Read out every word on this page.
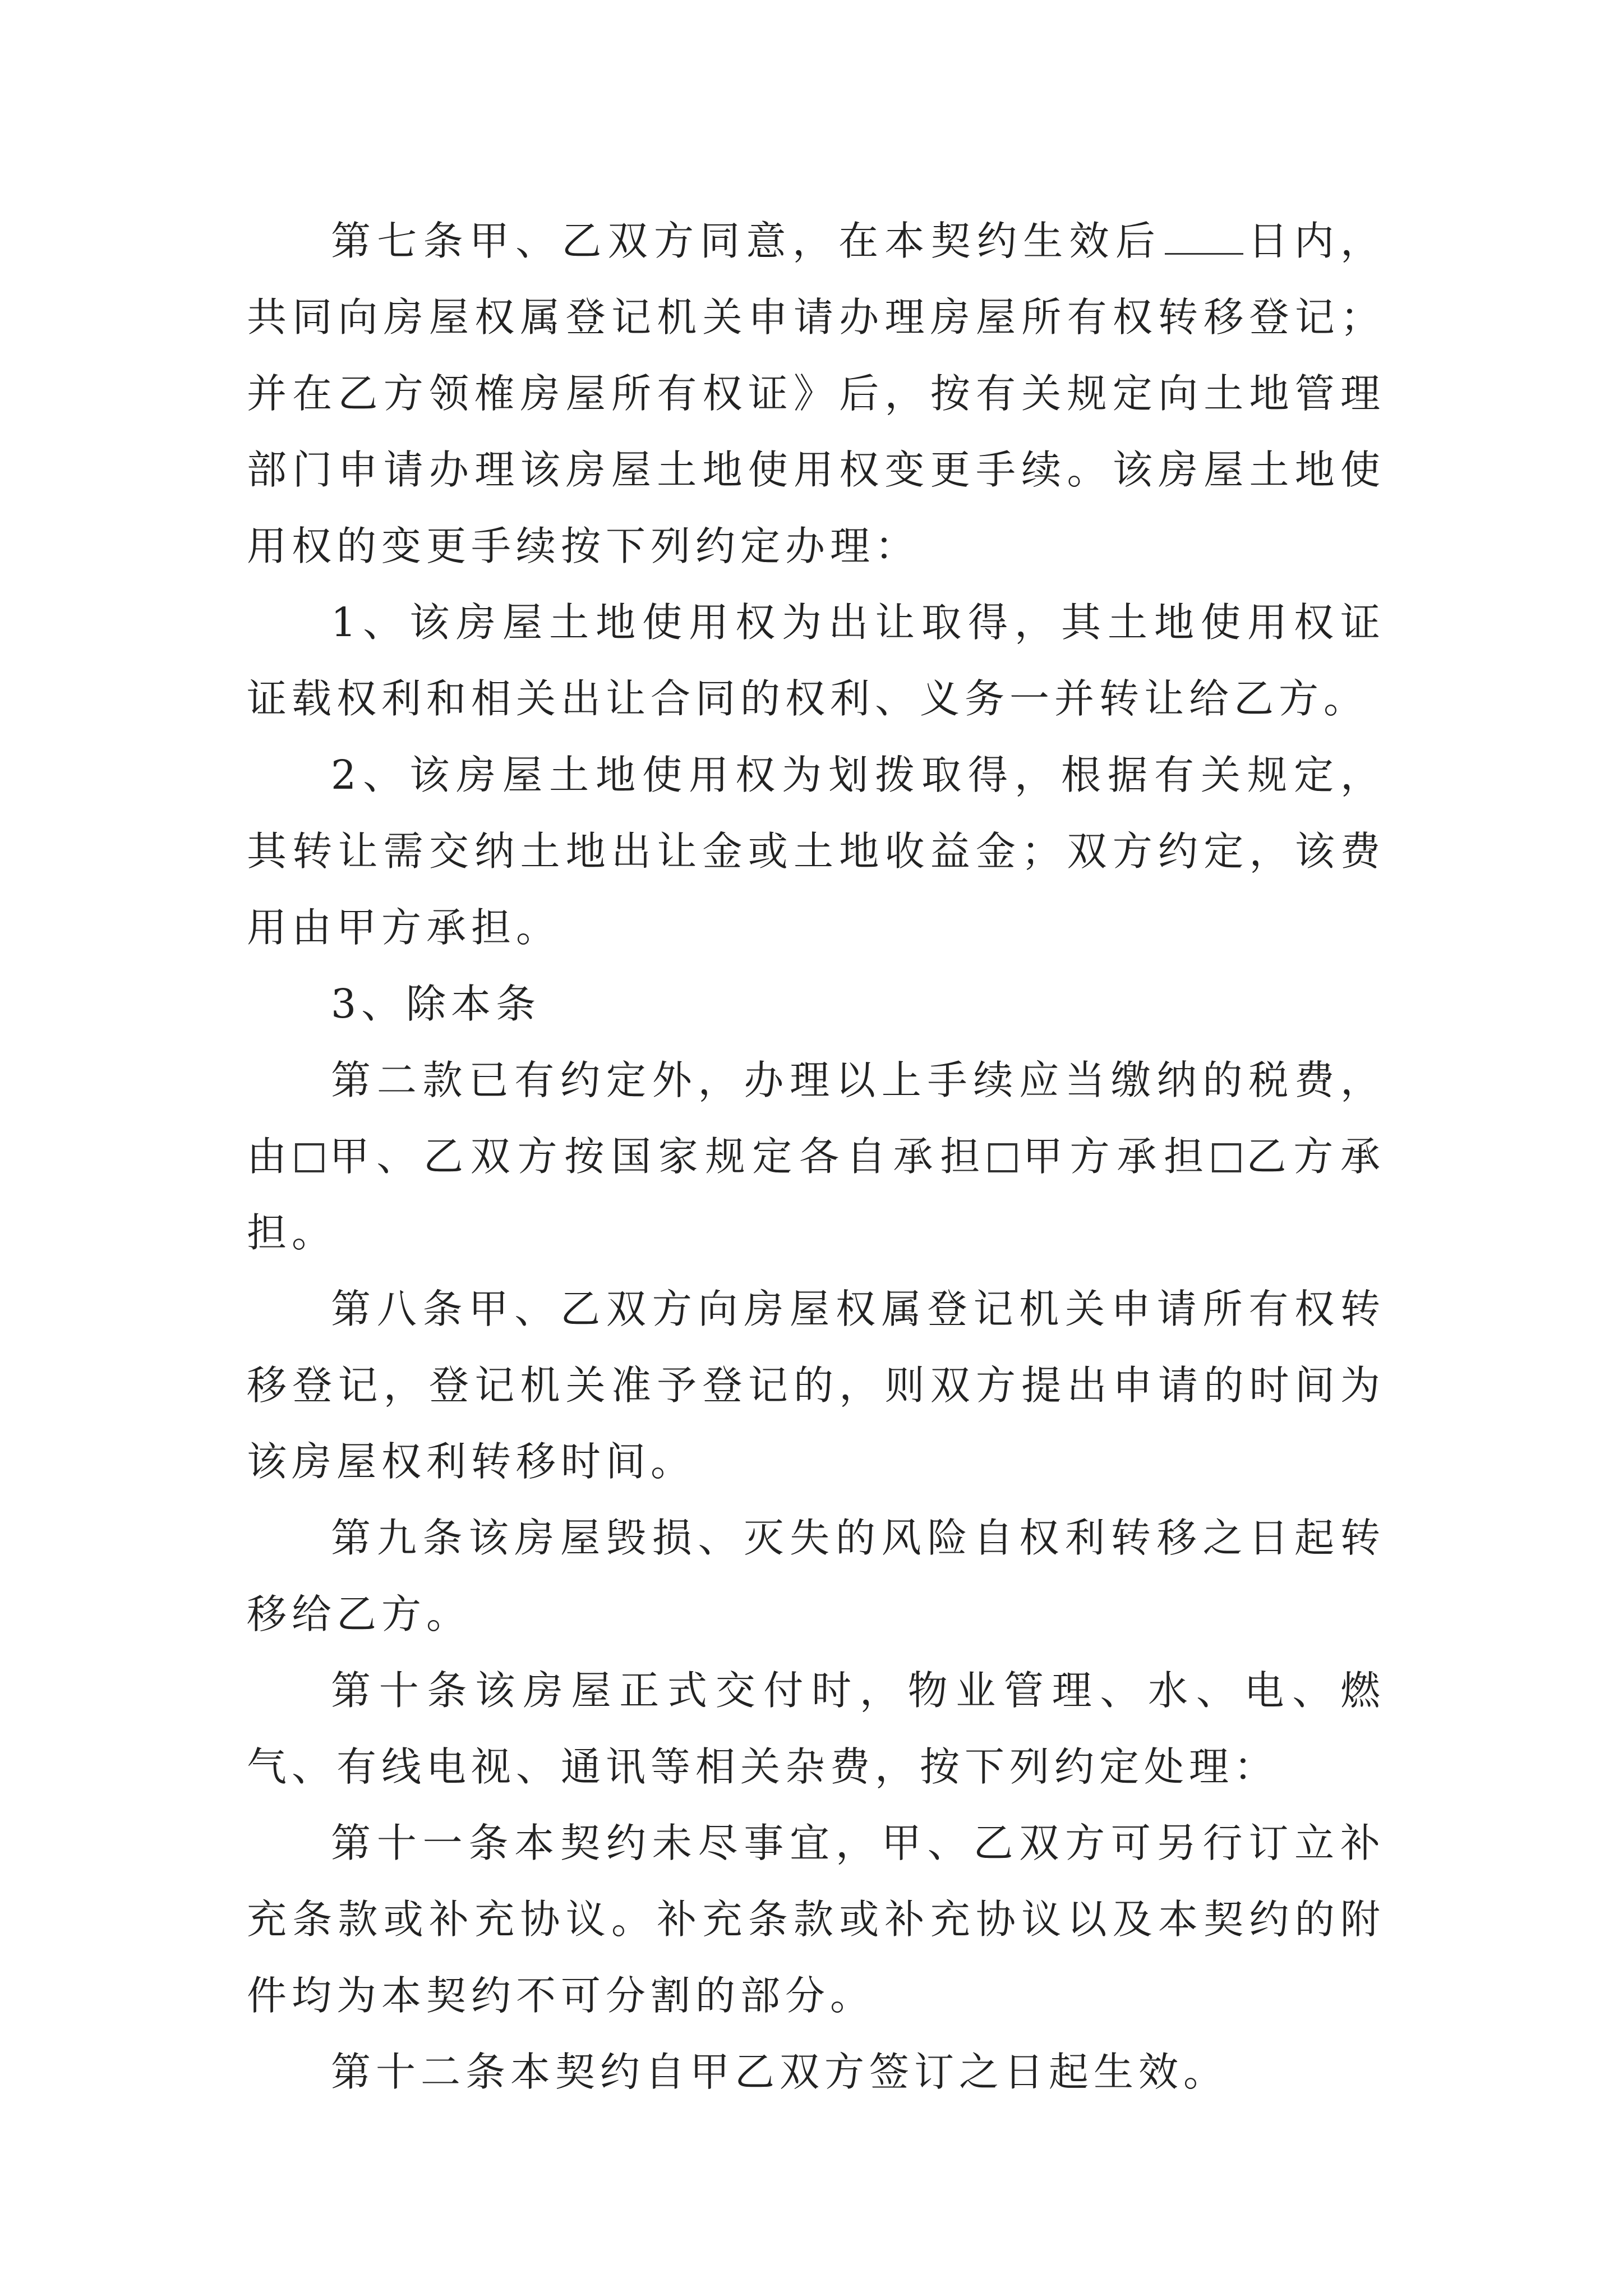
第七条甲、乙双方同意，在本契约生效后 日内，共同向房屋权属登记机关申请办理房屋所有权转移登记；并在乙方领榷房屋所有权证》后，按有关规定向土地管理部门申请办理该房屋土地使用权变更手续。该房屋土地使用权的变更手续按下列约定办理：

1、该房屋土地使用权为出让取得，其土地使用权证证载权利和相关出让合同的权利、义务一并转让给乙方。

2、该房屋土地使用权为划拨取得，根据有关规定，其转让需交纳土地出让金或土地收益金；双方约定，该费用由甲方承担。

3、除本条

第二款已有约定外，办理以上手续应当缴纳的税费，由 甲、乙双方按国家规定各自承担 甲方承担 乙方承担。

第八条甲、乙双方向房屋权属登记机关申请所有权转移登记，登记机关准予登记的，则双方提出申请的时间为该房屋权利转移时间。

第九条该房屋毁损、灭失的风险自权利转移之日起转移给乙方。

第十条该房屋正式交付时，物业管理、水、电、燃气、有线电视、通讯等相关杂费，按下列约定处理：

第十一条本契约未尽事宜，甲、乙双方可另行订立补充条款或补充协议。补充条款或补充协议以及本契约的附件均为本契约不可分割的部分。

第十二条本契约自甲乙双方签订之日起生效。
